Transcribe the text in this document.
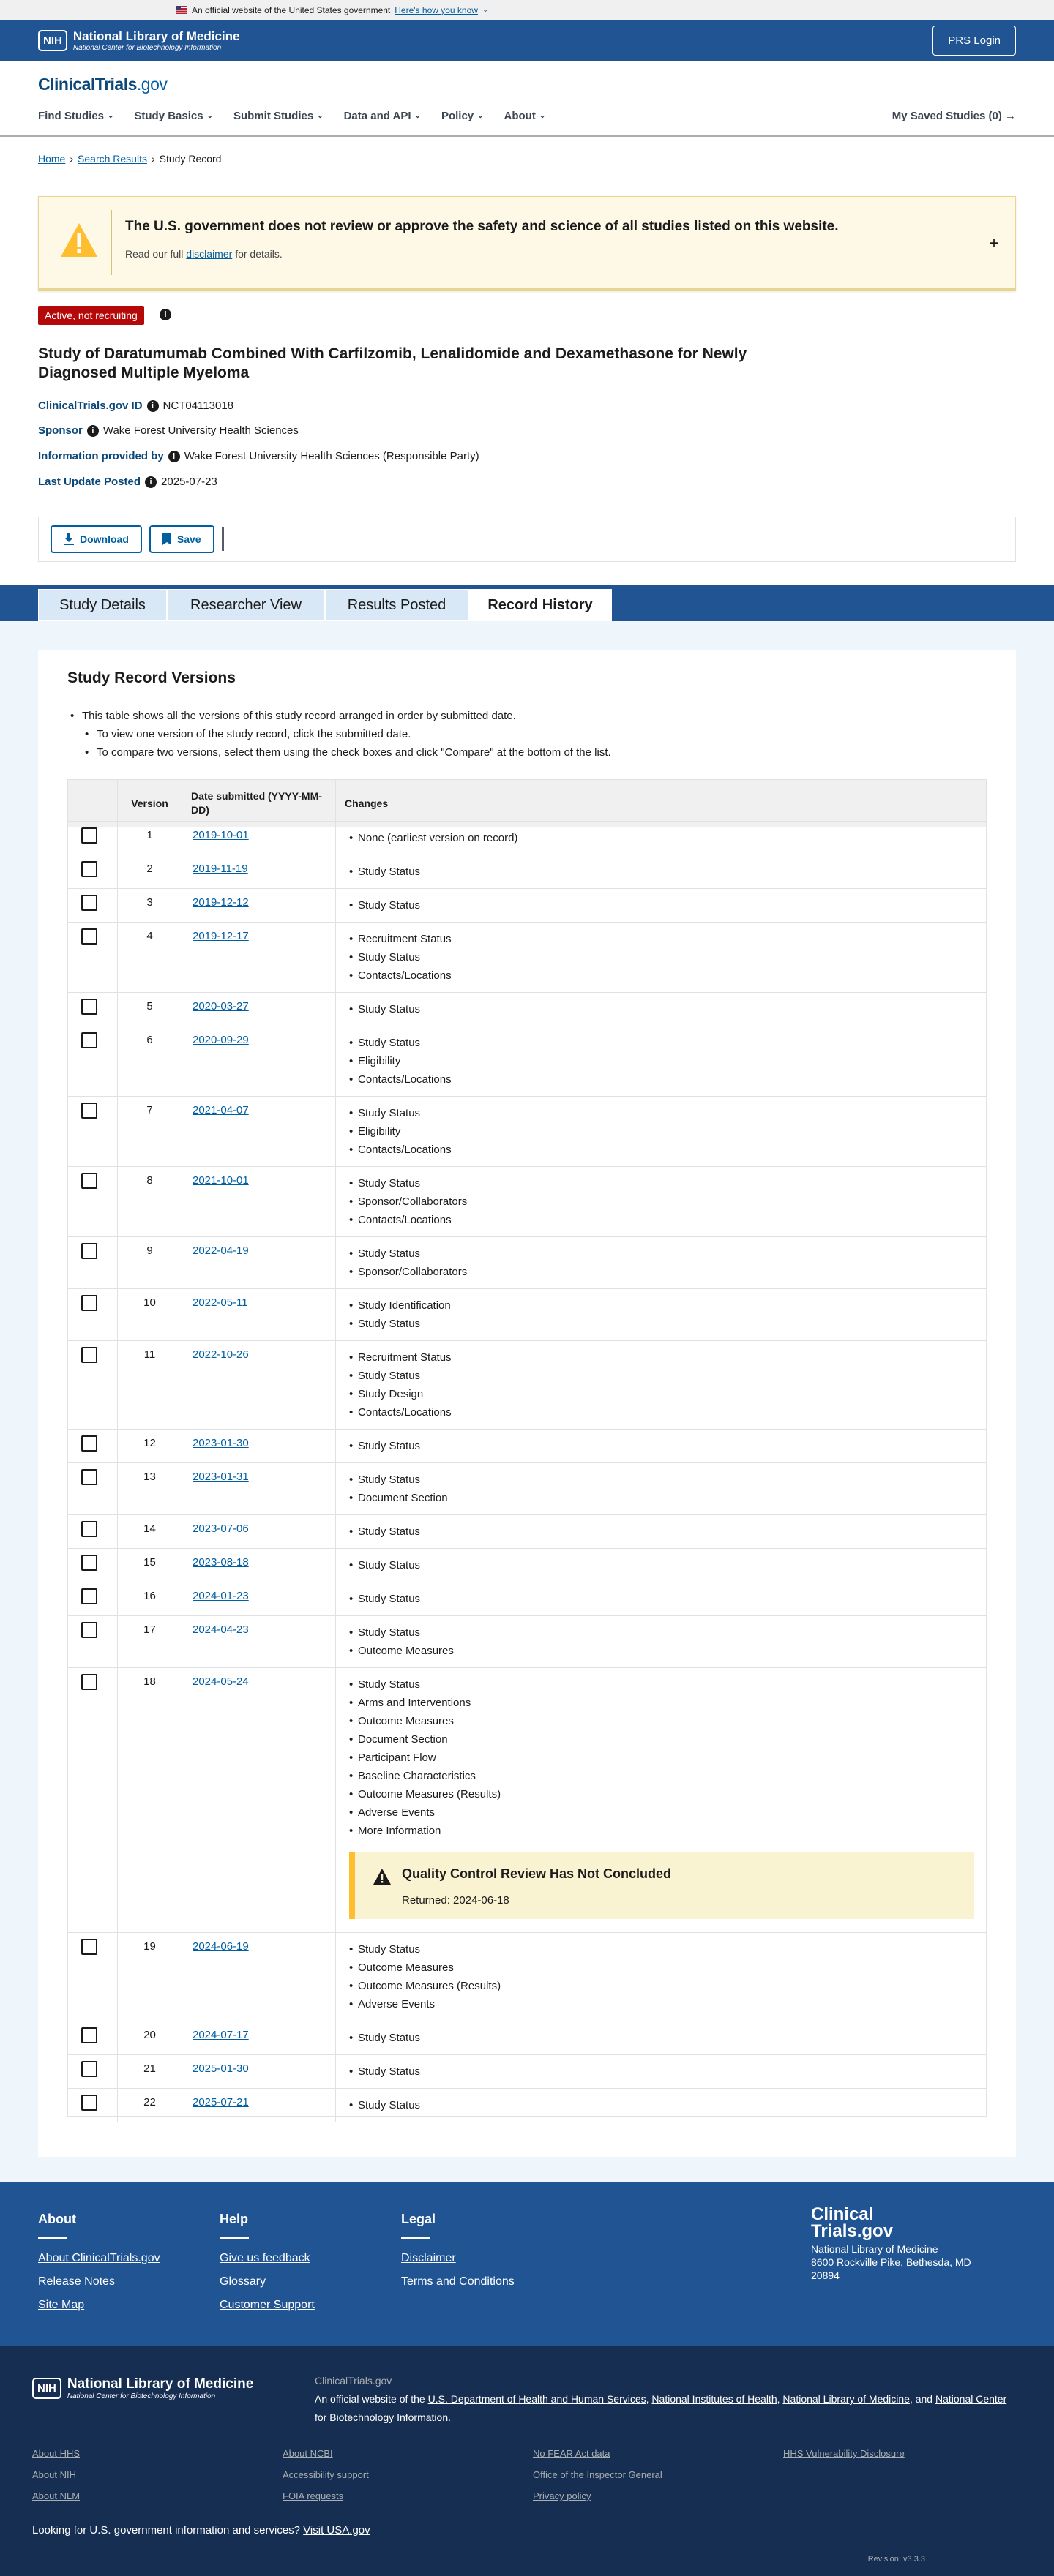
An official website of the United States government Here's how you know ⌄
NIH National Library of Medicine
National Center for Biotechnology Information
PRS Login
ClinicalTrials.gov
Find Studies ⌄ Study Basics ⌄ Submit Studies ⌄ Data and API ⌄ Policy ⌄ About ⌄	My Saved Studies (0) →
Home › Search Results › Study Record
The U.S. government does not review or approve the safety and science of all studies listed on this website.
Read our full disclaimer for details.
+
Active, not recruiting	i
Study of Daratumumab Combined With Carfilzomib, Lenalidomide and Dexamethasone for Newly Diagnosed Multiple Myeloma
ClinicalTrials.gov ID	i NCT04113018
Sponsor	i Wake Forest University Health Sciences
Information provided by	i Wake Forest University Health Sciences (Responsible Party)
Last Update Posted	i 2025-07-23
Download	Save
Study Details	Researcher View	Results Posted	Record History
Study Record Versions
• This table shows all the versions of this study record arranged in order by submitted date.
• To view one version of the study record, click the submitted date.
• To compare two versions, select them using the check boxes and click "Compare" at the bottom of the list.
Version
Date submitted (YYYY-MM-DD)
Changes
1	2019-10-01	• None (earliest version on record)
2	2019-11-19	• Study Status
3	2019-12-12	• Study Status
4	2019-12-17	• Recruitment Status
• Study Status
• Contacts/Locations
5	2020-03-27	• Study Status
6	2020-09-29	• Study Status
• Eligibility
• Contacts/Locations
7	2021-04-07	• Study Status
• Eligibility
• Contacts/Locations
8	2021-10-01	• Study Status
• Sponsor/Collaborators
• Contacts/Locations
9	2022-04-19	• Study Status
• Sponsor/Collaborators
10	2022-05-11	• Study Identification
• Study Status
11	2022-10-26	• Recruitment Status
• Study Status
• Study Design
• Contacts/Locations
12	2023-01-30	• Study Status
13	2023-01-31	• Study Status
• Document Section
14	2023-07-06	• Study Status
15	2023-08-18	• Study Status
16	2024-01-23	• Study Status
17	2024-04-23	• Study Status
• Outcome Measures
18	2024-05-24	• Study Status
• Arms and Interventions
• Outcome Measures
• Document Section
• Participant Flow
• Baseline Characteristics
• Outcome Measures (Results)
• Adverse Events
• More Information
Quality Control Review Has Not Concluded
Returned: 2024-06-18
19	2024-06-19	• Study Status
• Outcome Measures
• Outcome Measures (Results)
• Adverse Events
20	2024-07-17	• Study Status
21	2025-01-30	• Study Status
22	2025-07-21	• Study Status
About
About ClinicalTrials.gov
Release Notes
Site Map
Help
Give us feedback
Glossary
Customer Support
Legal
Disclaimer
Terms and Conditions
Clinical Trials.gov
National Library of Medicine
8600 Rockville Pike, Bethesda, MD 20894
NIH National Library of Medicine
National Center for Biotechnology Information
ClinicalTrials.gov
An official website of the U.S. Department of Health and Human Services, National Institutes of Health, National Library of Medicine, and National Center for Biotechnology Information.
About HHS
About NIH
About NLM
About NCBI
Accessibility support
FOIA requests
No FEAR Act data
Office of the Inspector General
Privacy policy
HHS Vulnerability Disclosure
Looking for U.S. government information and services? Visit USA.gov
Revision: v3.3.3
